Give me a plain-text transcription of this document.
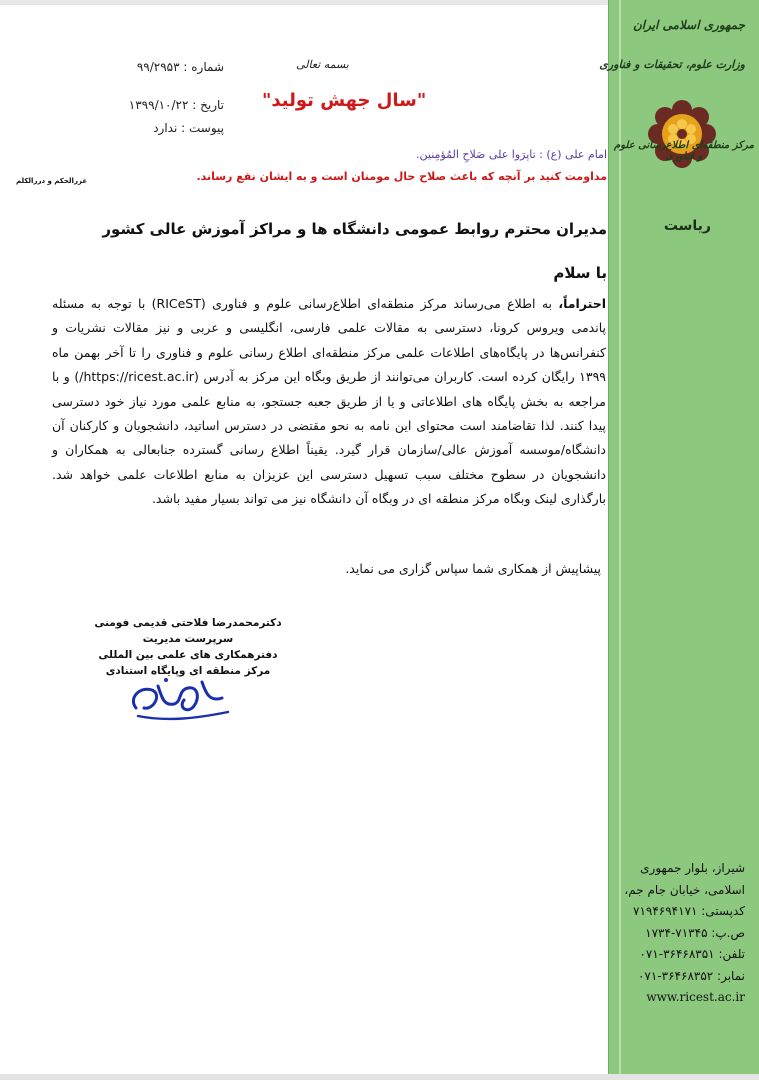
بسمه تعالی
"سال جهش تولید"
شماره : ۹۹/۲۹۵۳
تاریخ : ۱۳۹۹/۱۰/۲۲
پیوست : ندارد
امام علی (ع) : تاپرَوا علی صَلاحِ المُؤمِنین.
مداومت کنید بر آنچه که باعث صلاح حال مومنان است و به ایشان نفع رساند.
غررالحکم و دررالکلم
مدیران محترم روابط عمومی دانشگاه ها و مراکز آموزش عالی کشور
با سلام
احتراماً، به اطلاع می‌رساند مرکز منطقه‌ای اطلاع‌رسانی علوم و فناوری (RICeST) با توجه به مسئله پاندمی ویروس کرونا، دسترسی به مقالات علمی فارسی، انگلیسی و عربی و نیز مقالات نشریات و کنفرانس‌ها در پایگاه‌های اطلاعات علمی مرکز منطقه‌ای اطلاع رسانی علوم و فناوری را تا آخر بهمن ماه ۱۳۹۹ رایگان کرده است. کاربران می‌توانند از طریق وبگاه این مرکز به آدرس (https://ricest.ac.ir/) و با مراجعه به بخش پایگاه های اطلاعاتی و یا از طریق جعبه جستجو، به منابع علمی مورد نیاز خود دسترسی پیدا کنند. لذا تقاضامند است محتوای این نامه به نحو مقتضی در دسترس اساتید، دانشجویان و کارکنان آن دانشگاه/موسسه آموزش عالی/سازمان قرار گیرد. یقیناً اطلاع رسانی گسترده جنابعالی به همکاران و دانشجویان در سطوح مختلف سبب تسهیل دسترسی این عزیزان به منابع اطلاعات علمی خواهد شد. بارگذاری لینک وبگاه مرکز منطقه ای در وبگاه آن دانشگاه نیز می تواند بسیار مفید باشد.
پیشاپیش از همکاری شما سپاس گزاری می نماید.
دکترمحمدرضا فلاحتی قدیمی فومنی
سرپرست مدیریت
دفترهمکاری های علمی بین المللی
مرکز منطقه ای وپایگاه استنادی
جمهوری اسلامی ایران
وزارت علوم، تحقیقات و فناوری
مرکز منطقه‌ای اطلاع‌رسانی علوم و فناوری
ریاست
شیراز، بلوار جمهوری
اسلامی، خیابان جام جم،
کدپستی: ۷۱۹۴۶۹۴۱۷۱
ص.پ: ۷۱۳۴۵-۱۷۳۴
تلفن: ۳۶۴۶۸۳۵۱-۰۷۱
نمابر: ۳۶۴۶۸۳۵۲-۰۷۱
www.ricest.ac.ir
